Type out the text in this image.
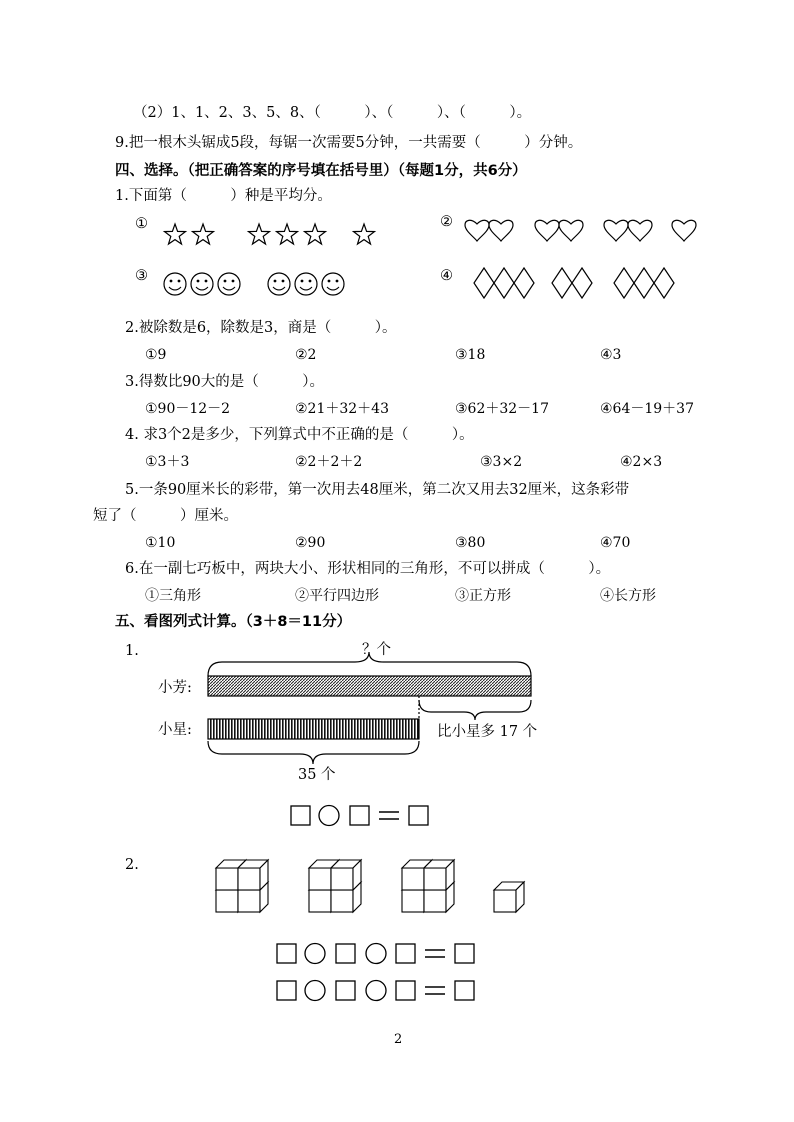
（2）1、1、2、3、5、8、（　　　）、（　　　）、（　　　）。
9.把一根木头锯成5段，每锯一次需要5分钟，一共需要（　　　）分钟。
四、选择。（把正确答案的序号填在括号里）（每题1分，共6分）
1.下面第（　　　）种是平均分。
①	②
③	④
2.被除数是6，除数是3，商是（　　　）。
①9	②2	③18	④3
3.得数比90大的是（　　　）。
①90－12－2	②21＋32＋43	③62＋32－17	④64－19＋37
4. 求3个2是多少，下列算式中不正确的是（　　　）。
①3＋3	②2＋2＋2	③3×2	④2×3
5.一条90厘米长的彩带，第一次用去48厘米，第二次又用去32厘米，这条彩带
短了（　　　）厘米。
①10	②90	③80	④70
6.在一副七巧板中，两块大小、形状相同的三角形，不可以拼成（　　　）。
①三角形	②平行四边形	③正方形	④长方形
五、看图列式计算。（3＋8＝11分）
1.
2.
？个
小芳:
小星:	比小星多 17 个
35 个
2
